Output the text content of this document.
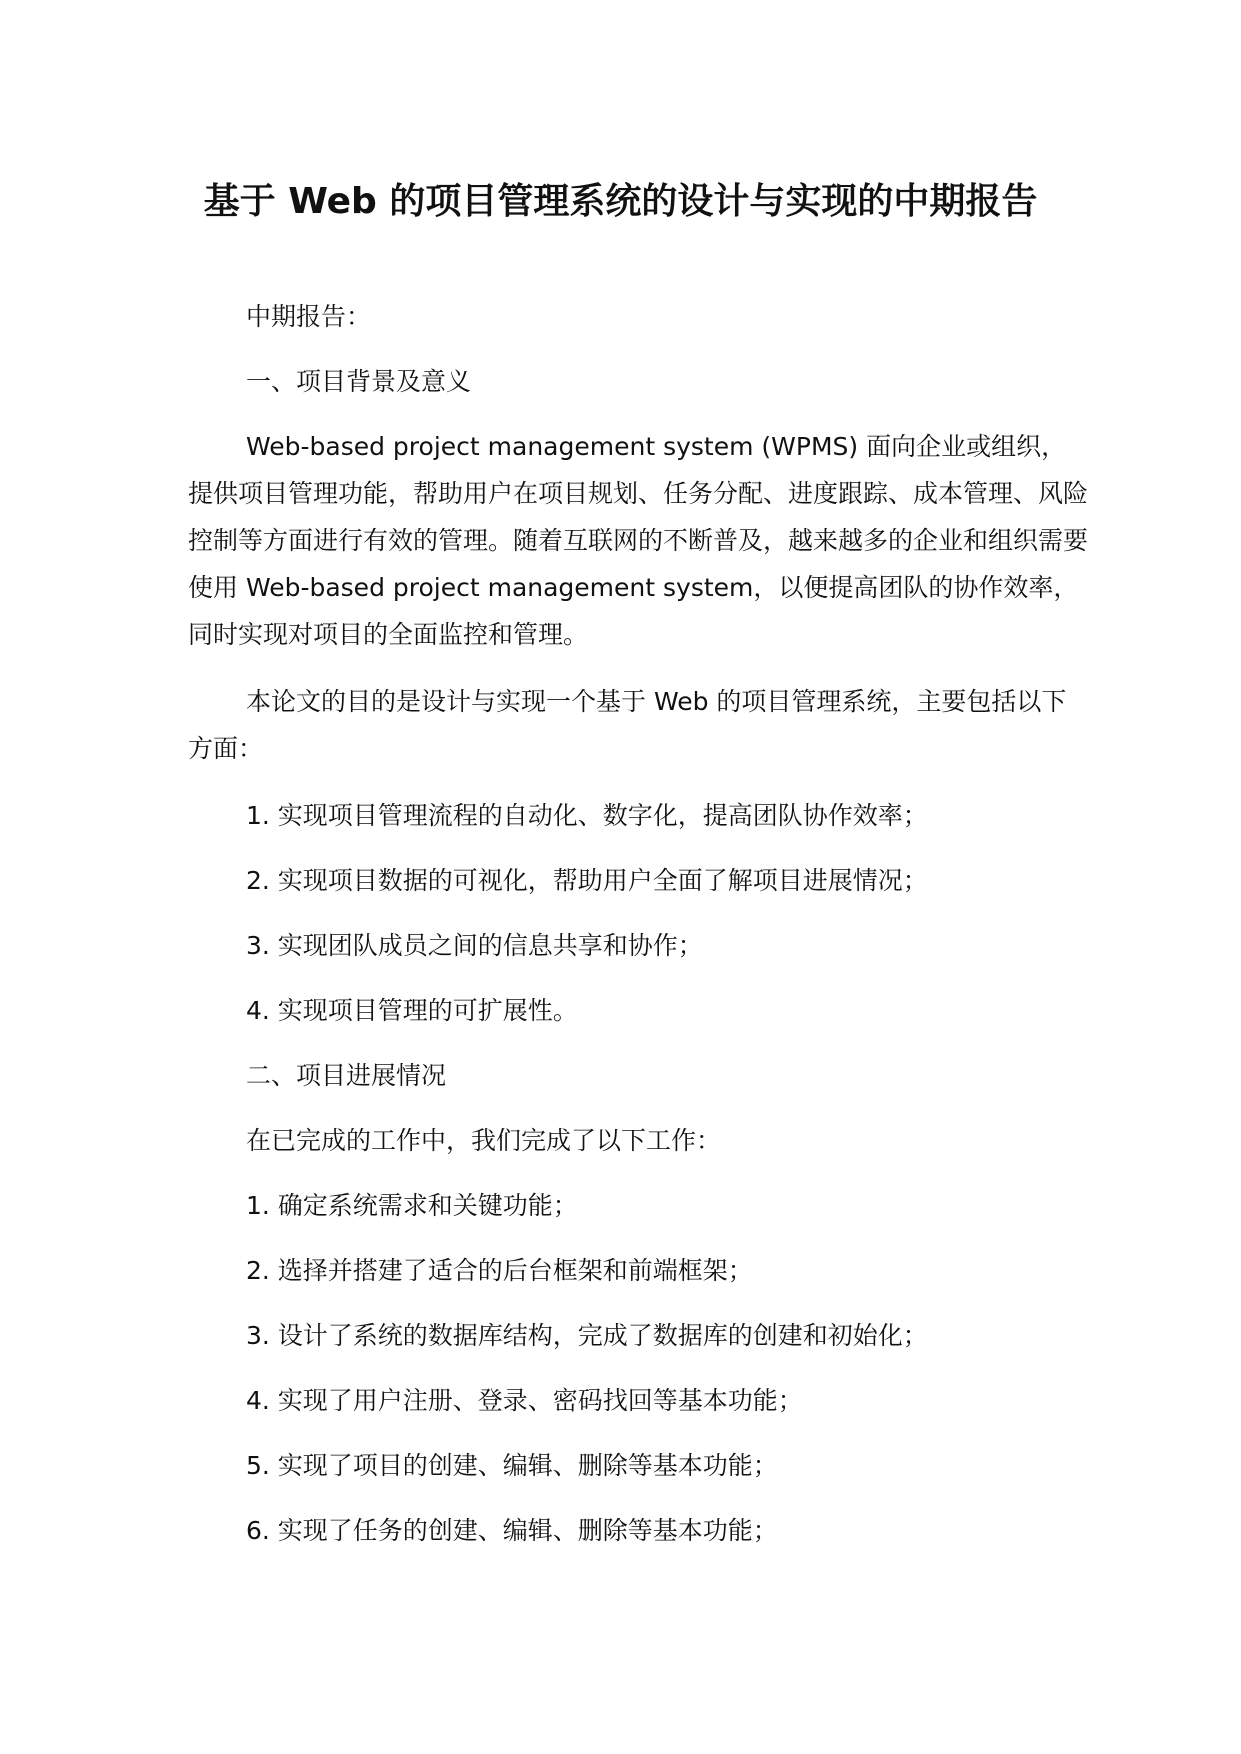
基于 Web 的项目管理系统的设计与实现的中期报告

中期报告：

一、项目背景及意义

Web-based project management system (WPMS) 面向企业或组织，提供项目管理功能，帮助用户在项目规划、任务分配、进度跟踪、成本管理、风险控制等方面进行有效的管理。随着互联网的不断普及，越来越多的企业和组织需要使用 Web-based project management system，以便提高团队的协作效率，同时实现对项目的全面监控和管理。

本论文的目的是设计与实现一个基于 Web 的项目管理系统，主要包括以下方面：

1. 实现项目管理流程的自动化、数字化，提高团队协作效率；

2. 实现项目数据的可视化，帮助用户全面了解项目进展情况；

3. 实现团队成员之间的信息共享和协作；

4. 实现项目管理的可扩展性。

二、项目进展情况

在已完成的工作中，我们完成了以下工作：

1. 确定系统需求和关键功能；

2. 选择并搭建了适合的后台框架和前端框架；

3. 设计了系统的数据库结构，完成了数据库的创建和初始化；

4. 实现了用户注册、登录、密码找回等基本功能；

5. 实现了项目的创建、编辑、删除等基本功能；

6. 实现了任务的创建、编辑、删除等基本功能；
